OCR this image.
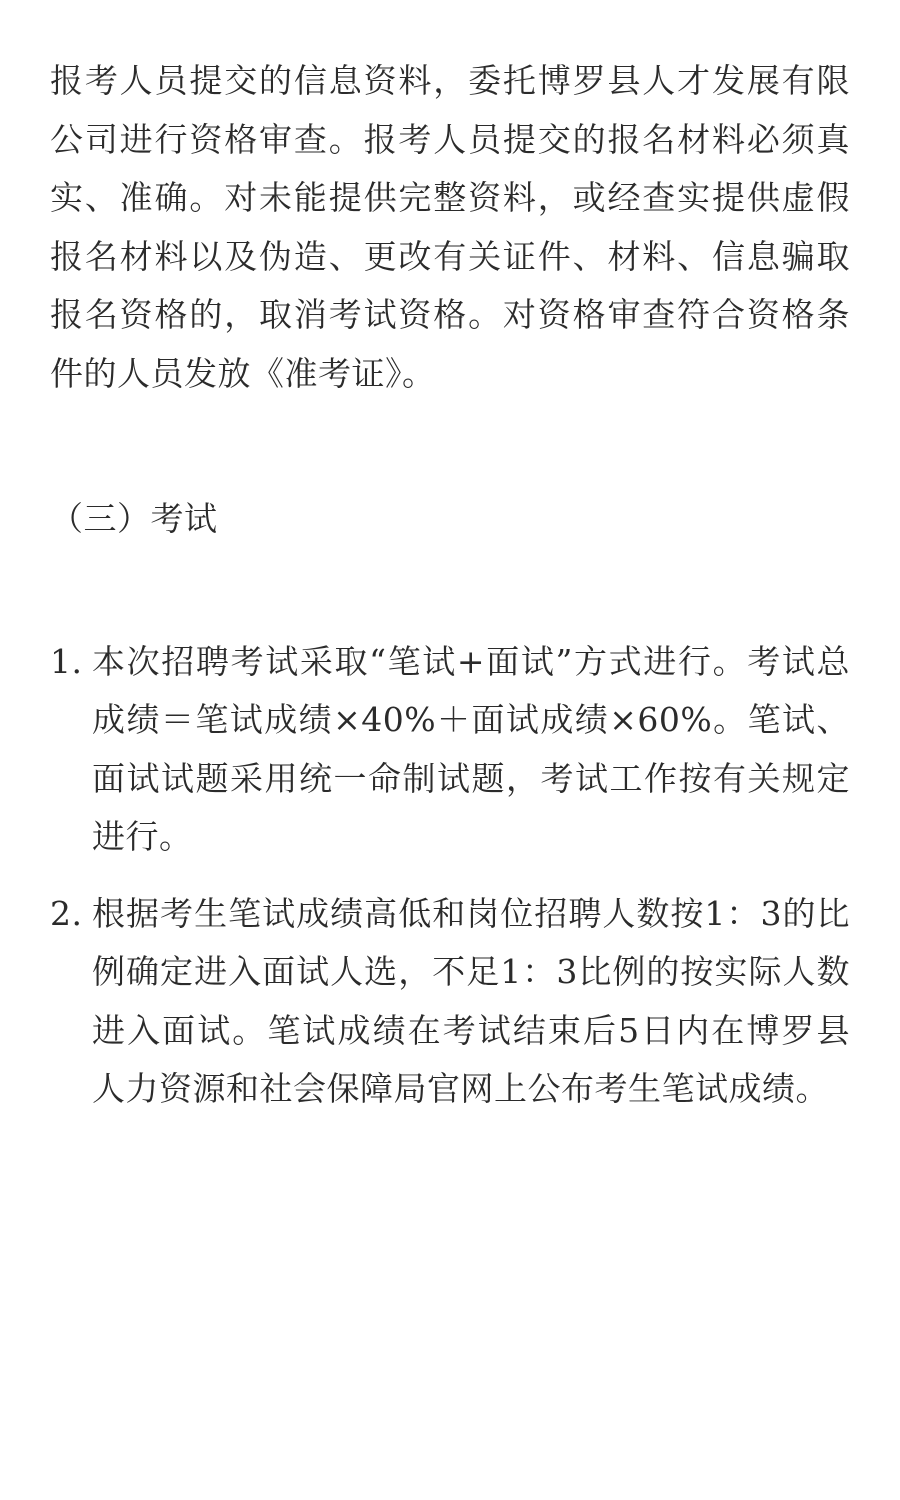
报考人员提交的信息资料，委托博罗县人才发展有限公司进行资格审查。报考人员提交的报名材料必须真实、准确。对未能提供完整资料，或经查实提供虚假报名材料以及伪造、更改有关证件、材料、信息骗取报名资格的，取消考试资格。对资格审查符合资格条件的人员发放《准考证》。

（三）考试
1. 本次招聘考试采取“笔试+面试”方式进行。考试总成绩＝笔试成绩×40%＋面试成绩×60%。笔试、面试试题采用统一命制试题，考试工作按有关规定进行。
2. 根据考生笔试成绩高低和岗位招聘人数按1：3的比例确定进入面试人选，不足1：3比例的按实际人数进入面试。笔试成绩在考试结束后5日内在博罗县人力资源和社会保障局官网上公布考生笔试成绩。
